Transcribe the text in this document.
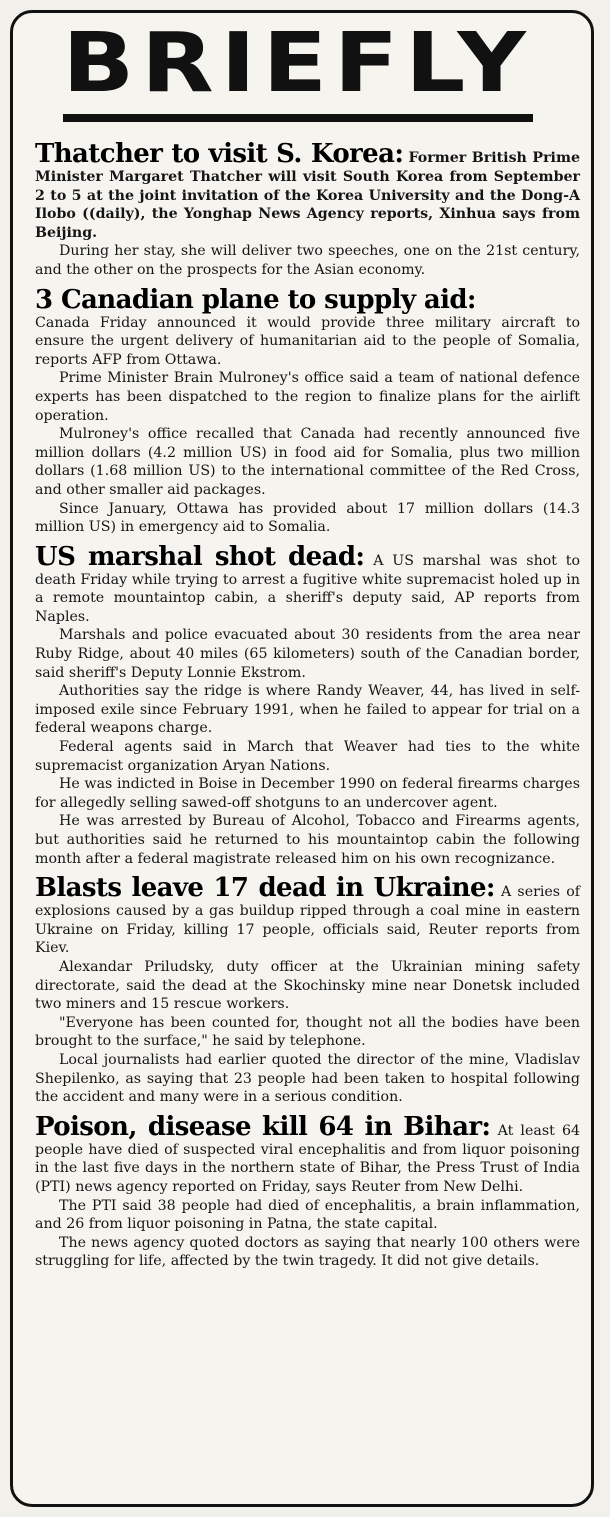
BRIEFLY

Thatcher to visit S. Korea: Former British Prime Minister Margaret Thatcher will visit South Korea from September 2 to 5 at the joint invitation of the Korea University and the Dong-A Ilobo ((daily), the Yonghap News Agency reports, Xinhua says from Beijing.

During her stay, she will deliver two speeches, one on the 21st century, and the other on the prospects for the Asian economy.

3 Canadian plane to supply aid:

Canada Friday announced it would provide three military aircraft to ensure the urgent delivery of humanitarian aid to the people of Somalia, reports AFP from Ottawa.

Prime Minister Brain Mulroney's office said a team of national defence experts has been dispatched to the region to finalize plans for the airlift operation.

Mulroney's office recalled that Canada had recently announced five million dollars (4.2 million US) in food aid for Somalia, plus two million dollars (1.68 million US) to the international committee of the Red Cross, and other smaller aid packages.

Since January, Ottawa has provided about 17 million dollars (14.3 million US) in emergency aid to Somalia.

US marshal shot dead: A US marshal was shot to death Friday while trying to arrest a fugitive white supremacist holed up in a remote mountaintop cabin, a sheriff's deputy said, AP reports from Naples.

Marshals and police evacuated about 30 residents from the area near Ruby Ridge, about 40 miles (65 kilometers) south of the Canadian border, said sheriff's Deputy Lonnie Ekstrom.

Authorities say the ridge is where Randy Weaver, 44, has lived in self-imposed exile since February 1991, when he failed to appear for trial on a federal weapons charge.

Federal agents said in March that Weaver had ties to the white supremacist organization Aryan Nations.

He was indicted in Boise in December 1990 on federal firearms charges for allegedly selling sawed-off shotguns to an undercover agent.

He was arrested by Bureau of Alcohol, Tobacco and Firearms agents, but authorities said he returned to his mountaintop cabin the following month after a federal magistrate released him on his own recognizance.

Blasts leave 17 dead in Ukraine: A series of explosions caused by a gas buildup ripped through a coal mine in eastern Ukraine on Friday, killing 17 people, officials said, Reuter reports from Kiev.

Alexandar Priludsky, duty officer at the Ukrainian mining safety directorate, said the dead at the Skochinsky mine near Donetsk included two miners and 15 rescue workers.

"Everyone has been counted for, thought not all the bodies have been brought to the surface," he said by telephone.

Local journalists had earlier quoted the director of the mine, Vladislav Shepilenko, as saying that 23 people had been taken to hospital following the accident and many were in a serious condition.

Poison, disease kill 64 in Bihar: At least 64 people have died of suspected viral encephalitis and from liquor poisoning in the last five days in the northern state of Bihar, the Press Trust of India (PTI) news agency reported on Friday, says Reuter from New Delhi.

The PTI said 38 people had died of encephalitis, a brain inflammation, and 26 from liquor poisoning in Patna, the state capital.

The news agency quoted doctors as saying that nearly 100 others were struggling for life, affected by the twin tragedy. It did not give details.
